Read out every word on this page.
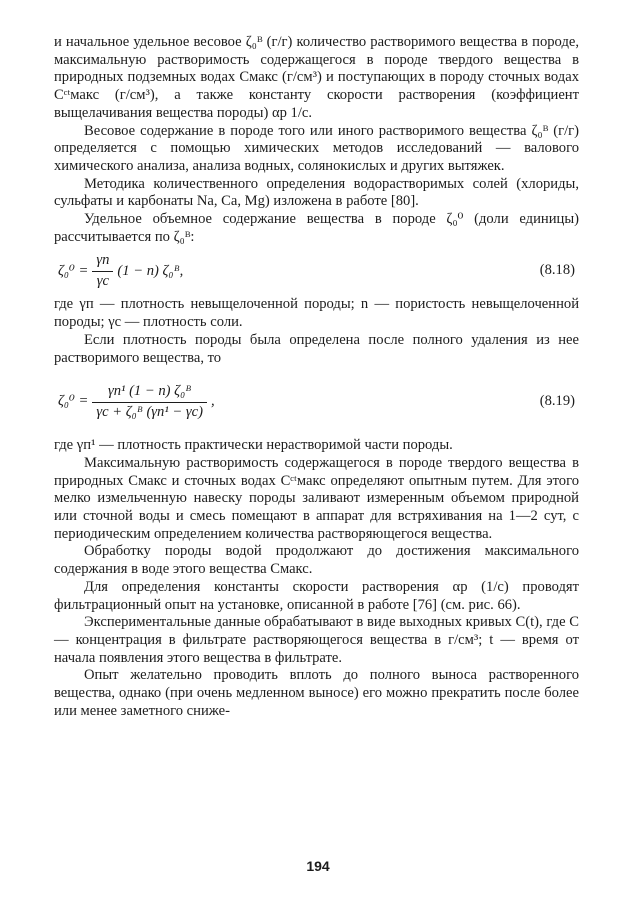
и начальное удельное весовое ζ₀ᴮ (г/г) количество растворимого вещества в породе, максимальную растворимость содержащегося в породе твердого вещества в природных подземных водах Cмакс (г/см³) и поступающих в породу сточных водах Cᶜᵗмакс (г/см³), а также константу скорости растворения (коэффициент выщелачивания вещества породы) αр 1/с.

Весовое содержание в породе того или иного растворимого вещества ζ₀ᴮ (г/г) определяется с помощью химических методов исследований — валового химического анализа, анализа водных, солянокислых и других вытяжек.

Методика количественного определения водорастворимых солей (хлориды, сульфаты и карбонаты Na, Ca, Mg) изложена в работе [80].

Удельное объемное содержание вещества в породе ζ₀⁰ (доли единицы) рассчитывается по ζ₀ᴮ:

$\zeta_0^0 = \frac{\gamma п}{\gamma с} (1 - n)$ ζ₀ᴮ,	(8.18)

где γп — плотность невыщелоченной породы; n — пористость невыщелоченной породы; γс — плотность соли.

Если плотность породы была определена после полного удаления из нее растворимого вещества, то

$\zeta_0^0 = \frac{\text{γп¹ (1 − n) ζ₀ᴮ}}{\text{γс + ζ₀ᴮ (γп¹ − γс)}}$ ,	(8.19)

где γп¹ — плотность практически нерастворимой части породы.

Максимальную растворимость содержащегося в породе твердого вещества в природных Cмакс и сточных водах Cᶜᵗмакс определяют опытным путем. Для этого мелко измельченную навеску породы заливают измеренным объемом природной или сточной воды и смесь помещают в аппарат для встряхивания на 1—2 сут, с периодическим определением количества растворяющегося вещества.

Обработку породы водой продолжают до достижения максимального содержания в воде этого вещества Cмакс.

Для определения константы скорости растворения αр (1/с) проводят фильтрационный опыт на установке, описанной в работе [76] (см. рис. 66).

Экспериментальные данные обрабатывают в виде выходных кривых C(t), где C — концентрация в фильтрате растворяющегося вещества в г/см³; t — время от начала появления этого вещества в фильтрате.

Опыт желательно проводить вплоть до полного выноса растворенного вещества, однако (при очень медленном выносе) его можно прекратить после более или менее заметного сниже-

194
